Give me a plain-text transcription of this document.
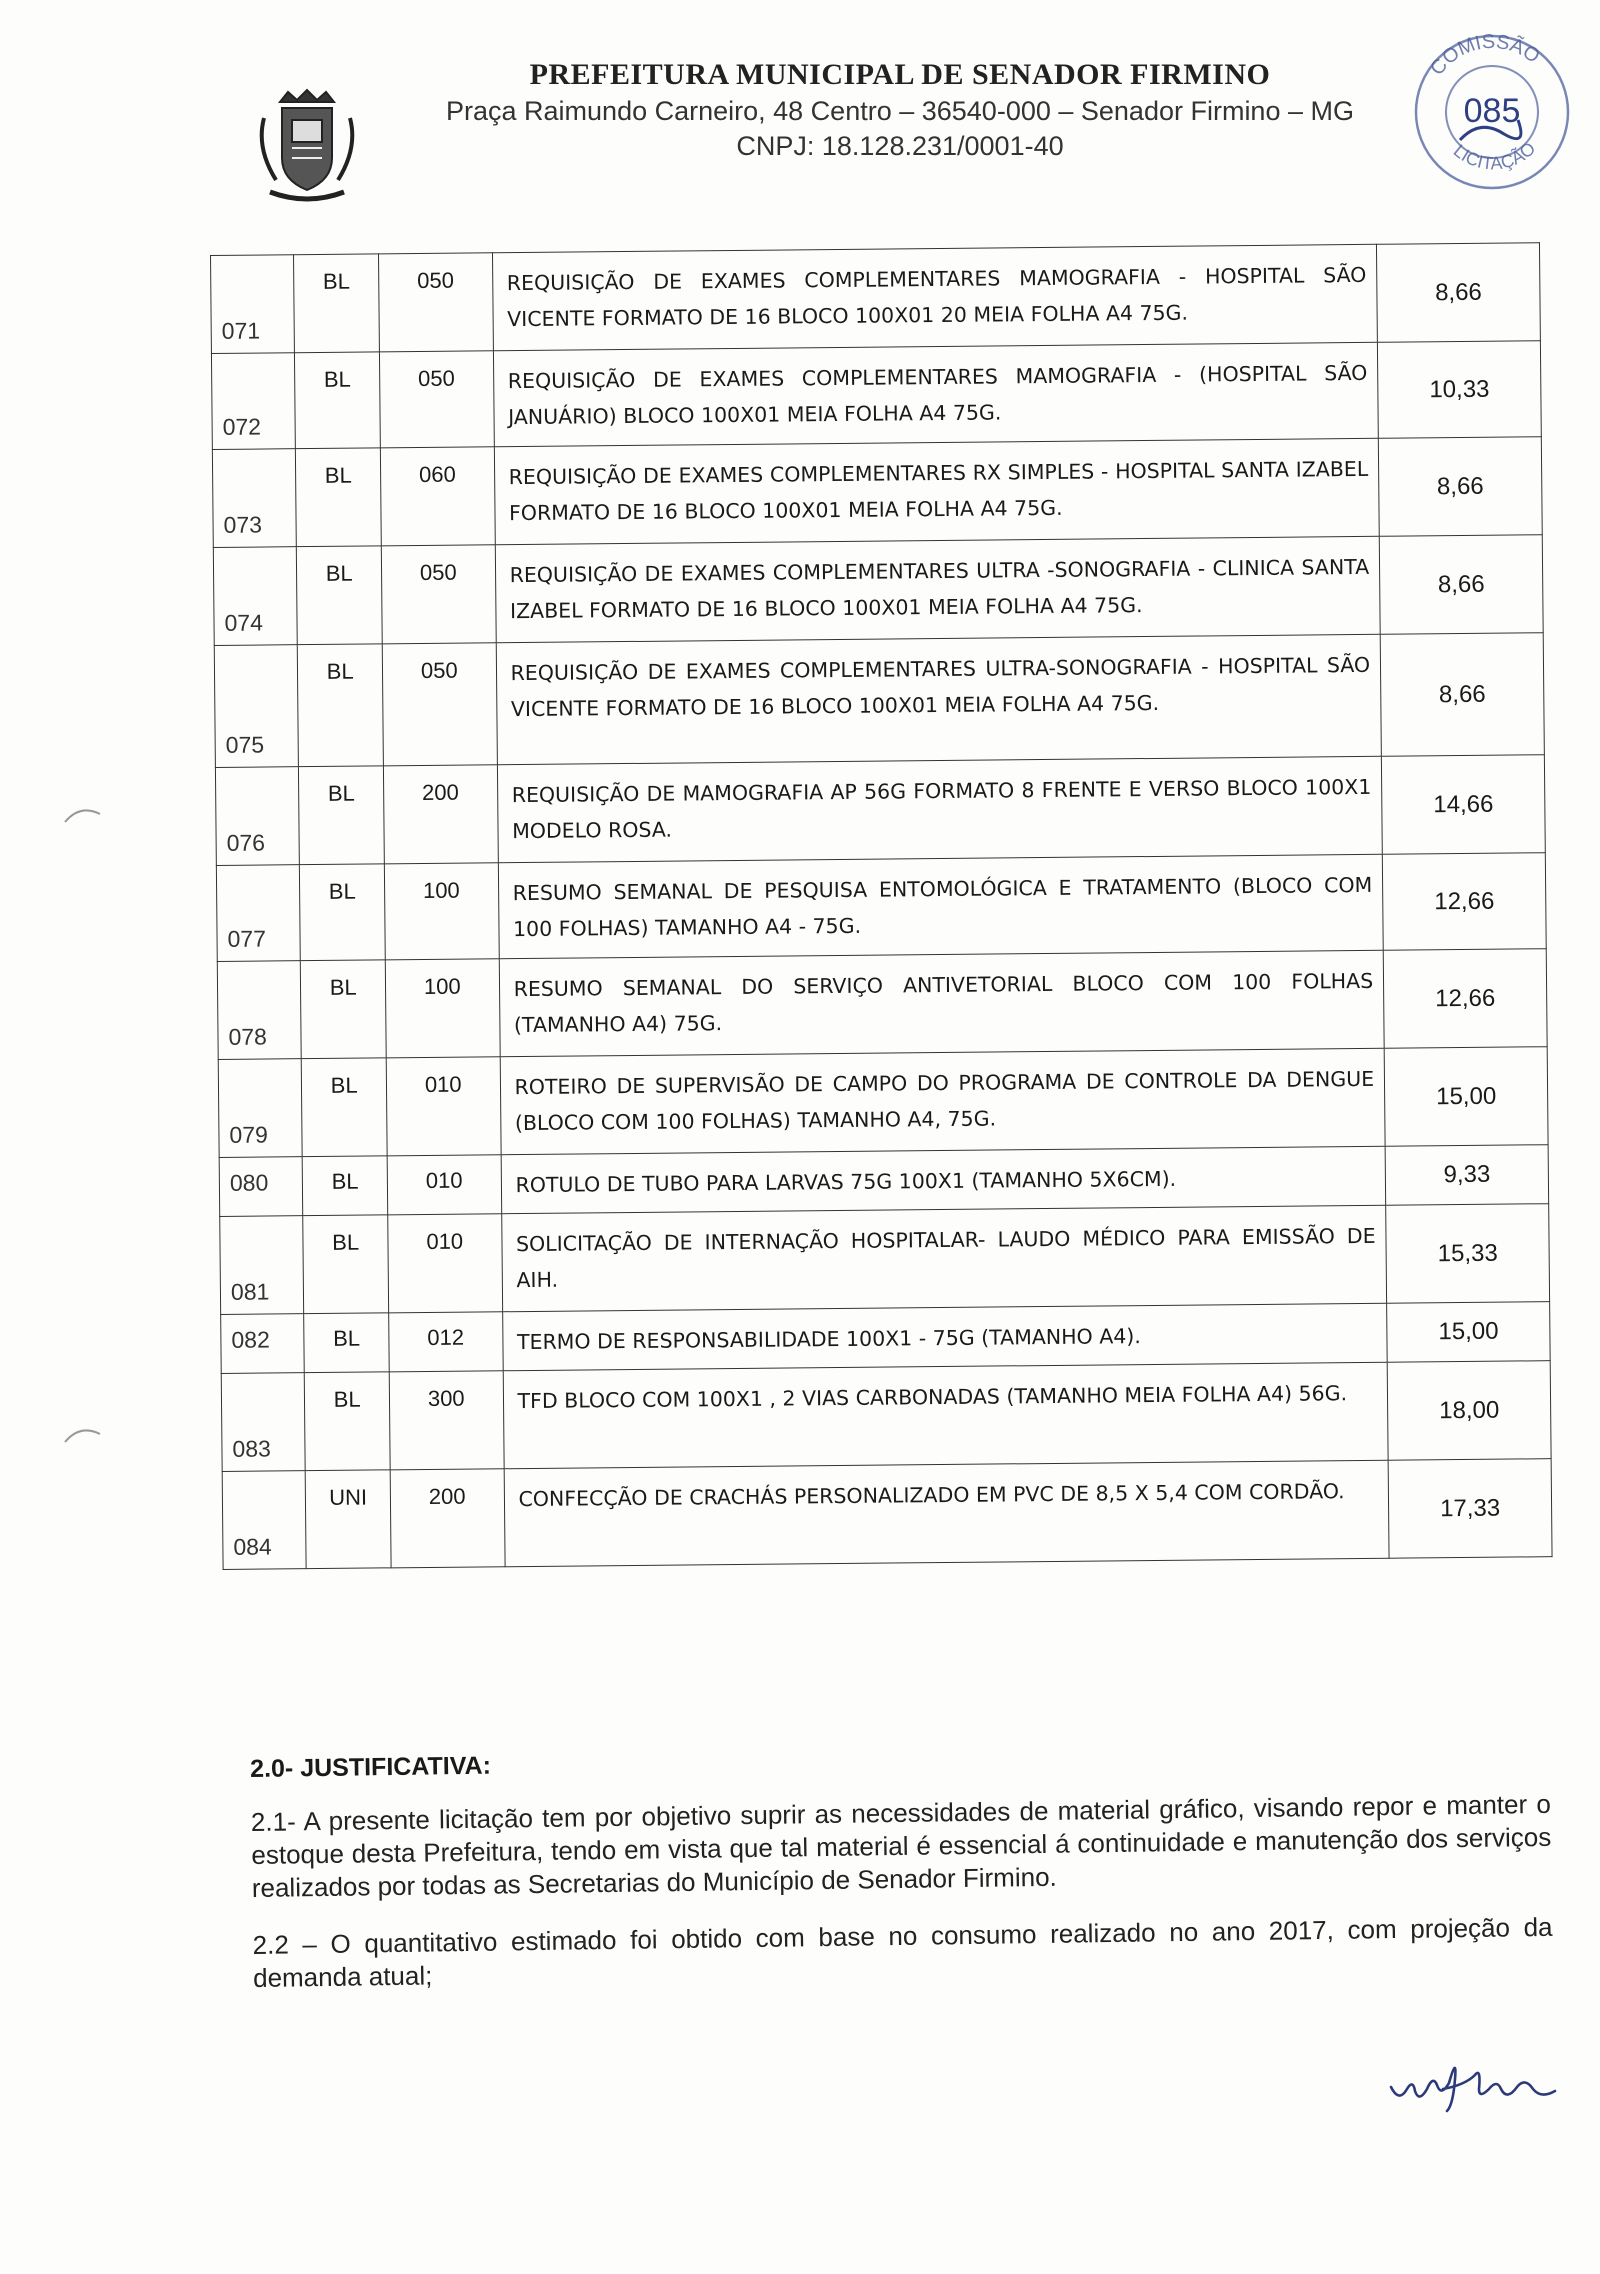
PREFEITURA MUNICIPAL DE SENADOR FIRMINO
Praça Raimundo Carneiro, 48 Centro – 36540-000 – Senador Firmino – MG
CNPJ: 18.128.231/0001-40
COMISSÃO
LICITAÇÃO
085
071	BL	050	REQUISIÇÃO DE EXAMES COMPLEMENTARES MAMOGRAFIA - HOSPITAL SÃO VICENTE FORMATO DE 16 BLOCO 100X01 20 MEIA FOLHA A4 75G.	8,66

072	BL	050	REQUISIÇÃO DE EXAMES COMPLEMENTARES MAMOGRAFIA - (HOSPITAL SÃO JANUÁRIO) BLOCO 100X01 MEIA FOLHA A4 75G.	10,33

073	BL	060	REQUISIÇÃO DE EXAMES COMPLEMENTARES RX SIMPLES - HOSPITAL SANTA IZABEL FORMATO DE 16 BLOCO 100X01 MEIA FOLHA A4 75G.	8,66

074	BL	050	REQUISIÇÃO DE EXAMES COMPLEMENTARES ULTRA -SONOGRAFIA - CLINICA SANTA IZABEL FORMATO DE 16 BLOCO 100X01 MEIA FOLHA A4 75G.	8,66

075	BL	050	REQUISIÇÃO DE EXAMES COMPLEMENTARES ULTRA-SONOGRAFIA - HOSPITAL SÃO VICENTE FORMATO DE 16 BLOCO 100X01 MEIA FOLHA A4 75G.	8,66

076	BL	200	REQUISIÇÃO DE MAMOGRAFIA AP 56G FORMATO 8 FRENTE E VERSO BLOCO 100X1 MODELO ROSA.	14,66

077	BL	100	RESUMO SEMANAL DE PESQUISA ENTOMOLÓGICA E TRATAMENTO (BLOCO COM 100 FOLHAS) TAMANHO A4 - 75G.	12,66

078	BL	100	RESUMO SEMANAL DO SERVIÇO ANTIVETORIAL BLOCO COM 100 FOLHAS (TAMANHO A4) 75G.	12,66

079	BL	010	ROTEIRO DE SUPERVISÃO DE CAMPO DO PROGRAMA DE CONTROLE DA DENGUE (BLOCO COM 100 FOLHAS) TAMANHO A4, 75G.	15,00

080	BL	010	ROTULO DE TUBO PARA LARVAS 75G 100X1 (TAMANHO 5X6CM).	9,33

081	BL	010	SOLICITAÇÃO DE INTERNAÇÃO HOSPITALAR- LAUDO MÉDICO PARA EMISSÃO DE AIH.	15,33

082	BL	012	TERMO DE RESPONSABILIDADE 100X1 - 75G (TAMANHO A4).	15,00

083	BL	300	TFD BLOCO COM 100X1 , 2 VIAS CARBONADAS (TAMANHO MEIA FOLHA A4) 56G.	18,00

084	UNI	200	CONFECÇÃO DE CRACHÁS PERSONALIZADO EM PVC DE 8,5 X 5,4 COM CORDÃO.	17,33
2.0- JUSTIFICATIVA:

2.1- A presente licitação tem por objetivo suprir as necessidades de material gráfico, visando repor e manter o estoque desta Prefeitura, tendo em vista que tal material é essencial á continuidade e manutenção dos serviços realizados por todas as Secretarias do Município de Senador Firmino.

2.2 – O quantitativo estimado foi obtido com base no consumo realizado no ano 2017, com projeção da demanda atual;
